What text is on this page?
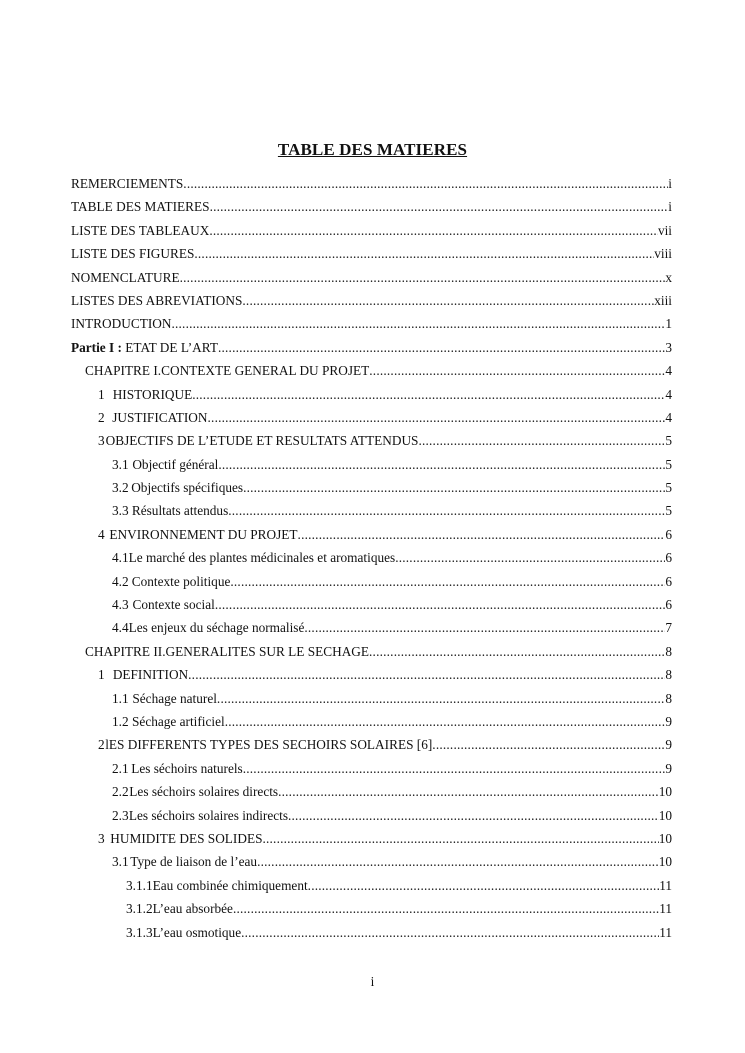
TABLE DES MATIERES
REMERCIEMENTS .....	i
TABLE DES MATIERES .....	i
LISTE DES TABLEAUX .....	vii
LISTE DES FIGURES .....	viii
NOMENCLATURE .....	x
LISTES DES ABREVIATIONS .....	xiii
INTRODUCTION .....	1
Partie I : ETAT DE L’ART .....	3
CHAPITRE I. CONTEXTE GENERAL DU PROJET .....	4
1 HISTORIQUE .....	4
2 JUSTIFICATION .....	4
3 OBJECTIFS DE L’ETUDE ET RESULTATS ATTENDUS .....	5
3.1 Objectif général .....	5
3.2 Objectifs spécifiques .....	5
3.3 Résultats attendus .....	5
4 ENVIRONNEMENT DU PROJET .....	6
4.1 Le marché des plantes médicinales et aromatiques .....	6
4.2 Contexte politique .....	6
4.3 Contexte social .....	6
4.4 Les enjeux du séchage normalisé .....	7
CHAPITRE II. GENERALITES SUR LE SECHAGE .....	8
1 DEFINITION .....	8
1.1 Séchage naturel .....	8
1.2 Séchage artificiel .....	9
2 lES DIFFERENTS TYPES DES SECHOIRS SOLAIRES [6] .....	9
2.1 Les séchoirs naturels .....	9
2.2 Les séchoirs solaires directs .....	10
2.3 Les séchoirs solaires indirects .....	10
3 HUMIDITE DES SOLIDES .....	10
3.1 Type de liaison de l’eau .....	10
3.1.1 Eau combinée chimiquement .....	11
3.1.2 L’eau absorbée .....	11
3.1.3 L’eau osmotique .....	11
i
